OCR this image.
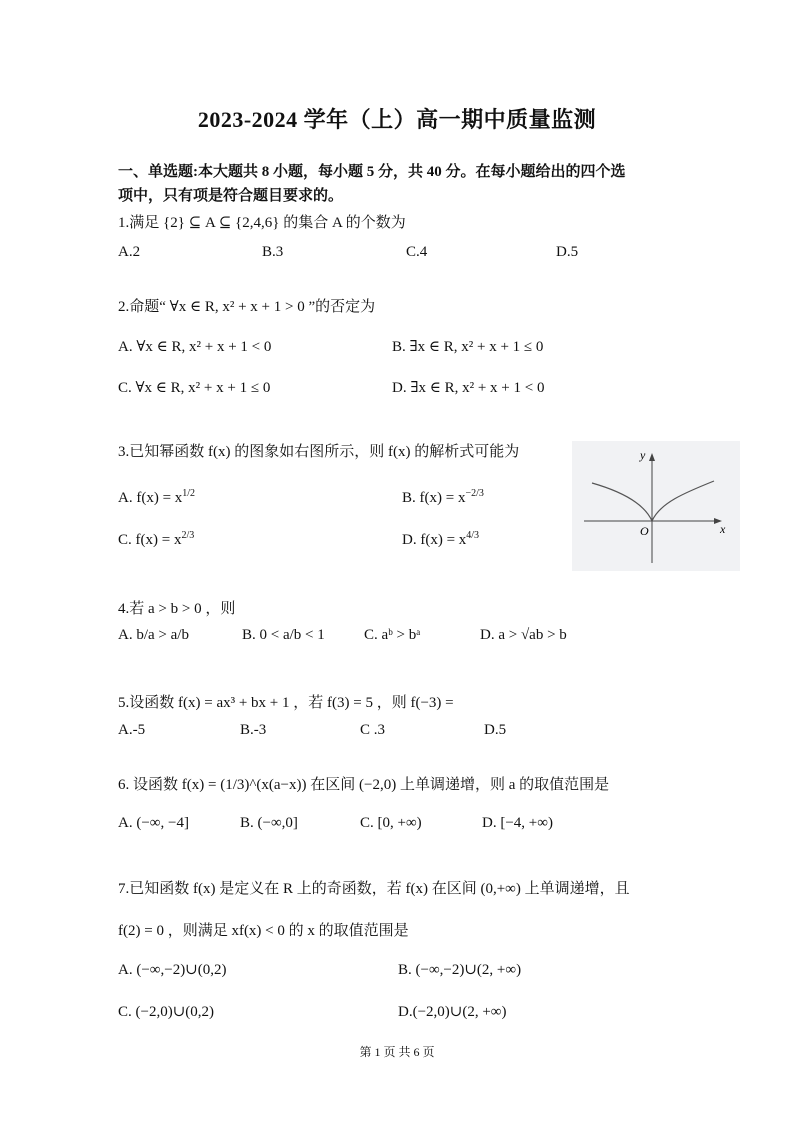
2023-2024 学年（上）高一期中质量监测
一、单选题:本大题共 8 小题，每小题 5 分，共 40 分。在每小题给出的四个选
项中，只有项是符合题目要求的。
1.满足 {2} ⊆ A ⊆ {2,4,6} 的集合 A 的个数为
A.2	B.3	C.4	D.5
2.命题“ ∀x ∈ R, x² + x + 1 > 0 ”的否定为
A. ∀x ∈ R, x² + x + 1 < 0	B. ∃x ∈ R, x² + x + 1 ≤ 0
C. ∀x ∈ R, x² + x + 1 ≤ 0	D. ∃x ∈ R, x² + x + 1 < 0
3.已知幂函数 f(x) 的图象如右图所示，则 f(x) 的解析式可能为
A. $f(x) = x^{1/2}$	B. $f(x) = x^{-2/3}$
C. $f(x) = x^{2/3}$	D. $f(x) = x^{4/3}$
y
x
O
4.若 a > b > 0 ，则
A. b/a > a/b	B. 0 < a/b < 1	C. aᵇ > bᵃ	D. a > √ab > b
5.设函数 f(x) = ax³ + bx + 1 ，若 f(3) = 5 ，则 f(−3) =
A.-5	B.-3	C .3	D.5
6. 设函数 f(x) = (1/3)^(x(a−x)) 在区间 (−2,0) 上单调递增，则 a 的取值范围是
A. (−∞, −4]	B. (−∞,0]	C. [0, +∞)	D. [−4, +∞)
7.已知函数 f(x) 是定义在 R 上的奇函数，若 f(x) 在区间 (0,+∞) 上单调递增，且
f(2) = 0 ，则满足 xf(x) < 0 的 x 的取值范围是
A. (−∞,−2)∪(0,2)	B. (−∞,−2)∪(2, +∞)
C. (−2,0)∪(0,2)	D.(−2,0)∪(2, +∞)
第 1 页 共 6 页
